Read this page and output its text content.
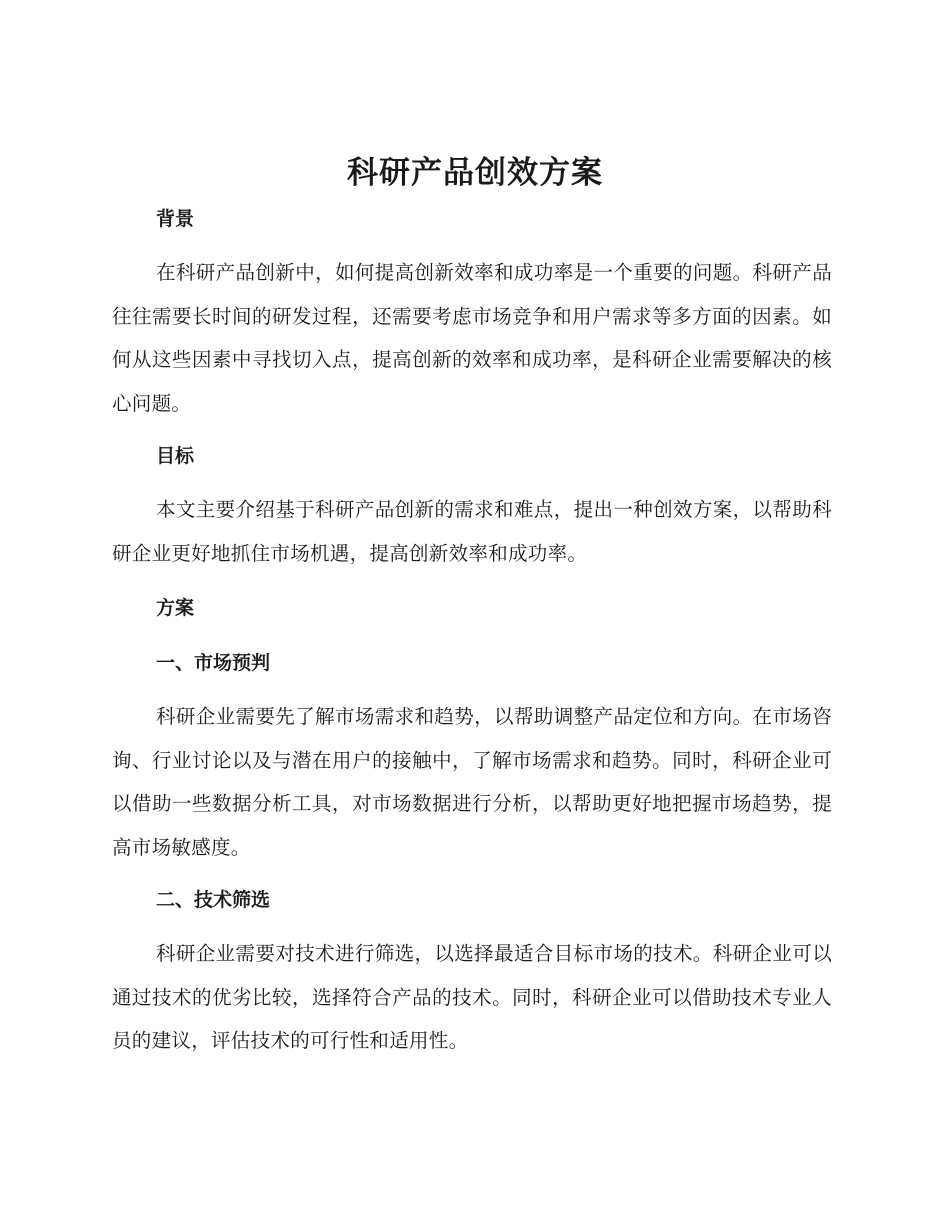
科研产品创效方案
背景

在科研产品创新中，如何提高创新效率和成功率是一个重要的问题。科研产品往往需要长时间的研发过程，还需要考虑市场竞争和用户需求等多方面的因素。如何从这些因素中寻找切入点，提高创新的效率和成功率，是科研企业需要解决的核心问题。

目标

本文主要介绍基于科研产品创新的需求和难点，提出一种创效方案，以帮助科研企业更好地抓住市场机遇，提高创新效率和成功率。

方案
一、市场预判

科研企业需要先了解市场需求和趋势，以帮助调整产品定位和方向。在市场咨询、行业讨论以及与潜在用户的接触中，了解市场需求和趋势。同时，科研企业可以借助一些数据分析工具，对市场数据进行分析，以帮助更好地把握市场趋势，提高市场敏感度。

二、技术筛选

科研企业需要对技术进行筛选，以选择最适合目标市场的技术。科研企业可以通过技术的优劣比较，选择符合产品的技术。同时，科研企业可以借助技术专业人员的建议，评估技术的可行性和适用性。
